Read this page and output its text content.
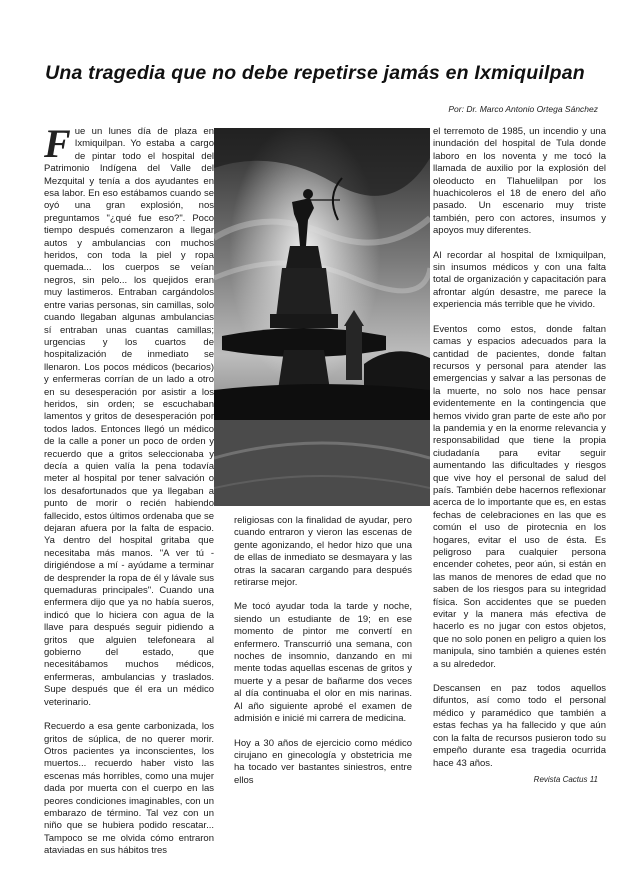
Una tragedia que no debe repetirse jamás en Ixmiquilpan
Por: Dr. Marco Antonio Ortega Sánchez

Fue un lunes día de plaza en Ixmiquilpan. Yo estaba a cargo de pintar todo el hospital del Patrimonio Indígena del Valle del Mezquital y tenía a dos ayudantes en esa labor. En eso estábamos cuando se oyó una gran explosión, nos preguntamos "¿qué fue eso?". Poco tiempo después comenzaron a llegar autos y ambulancias con muchos heridos, con toda la piel y ropa quemada... los cuerpos se veían negros, sin pelo... los quejidos eran muy lastimeros. Entraban cargándolos entre varias personas, sin camillas, solo cuando llegaban algunas ambulancias sí entraban unas cuantas camillas; urgencias y los cuartos de hospitalización de inmediato se llenaron. Los pocos médicos (becarios) y enfermeras corrían de un lado a otro en su desesperación por asistir a los heridos, sin orden; se escuchaban lamentos y gritos de desesperación por todos lados. Entonces llegó un médico de la calle a poner un poco de orden y recuerdo que a gritos seleccionaba y decía a quien valía la pena todavía meter al hospital por tener salvación o los desafortunados que ya llegaban a punto de morir o recién habiendo fallecido, estos últimos ordenaba que se dejaran afuera por la falta de espacio. Ya dentro del hospital gritaba que necesitaba más manos. "A ver tú - dirigiéndose a mí - ayúdame a terminar de desprender la ropa de él y lávale sus quemaduras principales". Cuando una enfermera dijo que ya no había sueros, indicó que lo hiciera con agua de la llave para después seguir pidiendo a gritos que alguien telefoneara al gobierno del estado, que necesitábamos muchos médicos, enfermeras, ambulancias y traslados. Supe después que él era un médico veterinario.

Recuerdo a esa gente carbonizada, los gritos de súplica, de no querer morir. Otros pacientes ya inconscientes, los muertos... recuerdo haber visto las escenas más horribles, como una mujer dada por muerta con el cuerpo en las peores condiciones imaginables, con un embarazo de término. Tal vez con un niño que se hubiera podido rescatar... Tampoco se me olvida cómo entraron ataviadas en sus hábitos tres

religiosas con la finalidad de ayudar, pero cuando entraron y vieron las escenas de gente agonizando, el hedor hizo que una de ellas de inmediato se desmayara y las otras la sacaran cargando para después retirarse mejor.

Me tocó ayudar toda la tarde y noche, siendo un estudiante de 19; en ese momento de pintor me convertí en enfermero. Transcurrió una semana, con noches de insomnio, danzando en mi mente todas aquellas escenas de gritos y muerte y a pesar de bañarme dos veces al día continuaba el olor en mis narinas. Al año siguiente aprobé el examen de admisión e inicié mi carrera de medicina.

Hoy a 30 años de ejercicio como médico cirujano en ginecología y obstetricia me ha tocado ver bastantes siniestros, entre ellos

el terremoto de 1985, un incendio y una inundación del hospital de Tula donde laboro en los noventa y me tocó la llamada de auxilio por la explosión del oleoducto en Tlahuelilpan por los huachicoleros el 18 de enero del año pasado. Un escenario muy triste también, pero con actores, insumos y apoyos muy diferentes.

Al recordar al hospital de Ixmiquilpan, sin insumos médicos y con una falta total de organización y capacitación para afrontar algún desastre, me parece la experiencia más terrible que he vivido.

Eventos como estos, donde faltan camas y espacios adecuados para la cantidad de pacientes, donde faltan recursos y personal para atender las emergencias y salvar a las personas de la muerte, no solo nos hace pensar evidentemente en la contingencia que hemos vivido gran parte de este año por la pandemia y en la enorme relevancia y responsabilidad que tiene la propia ciudadanía para evitar seguir aumentando las dificultades y riesgos que vive hoy el personal de salud del país. También debe hacernos reflexionar acerca de lo importante que es, en estas fechas de celebraciones en las que es común el uso de pirotecnia en los hogares, evitar el uso de ésta. Es peligroso para cualquier persona encender cohetes, peor aún, si están en las manos de menores de edad que no saben de los riesgos para su integridad física. Son accidentes que se pueden evitar y la manera más efectiva de hacerlo es no jugar con estos objetos, que no solo ponen en peligro a quien los manipula, sino también a quienes estén a su alrededor.

Descansen en paz todos aquellos difuntos, así como todo el personal médico y paramédico que también a estas fechas ya ha fallecido y que aún con la falta de recursos pusieron todo su empeño durante esa tragedia ocurrida hace 43 años.

Revista Cactus 11
